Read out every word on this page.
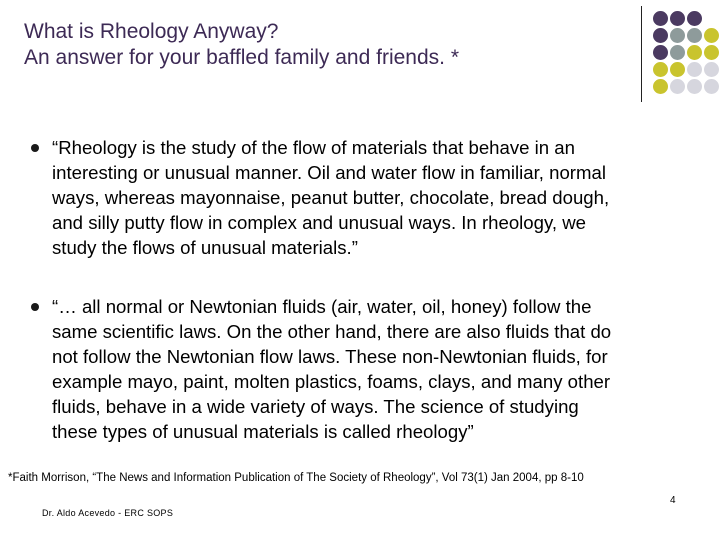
What is Rheology Anyway?
An answer for your baffled family and friends. *
“Rheology is the study of the flow of materials that behave in an
interesting or unusual manner. Oil and water flow in familiar, normal
ways, whereas mayonnaise, peanut butter, chocolate, bread dough,
and silly putty flow in complex and unusual ways. In rheology, we
study the flows of unusual materials.”
“… all normal or Newtonian fluids (air, water, oil, honey) follow the
same scientific laws. On the other hand, there are also fluids that do
not follow the Newtonian flow laws. These non-Newtonian fluids, for
example mayo, paint, molten plastics, foams, clays, and many other
fluids, behave in a wide variety of ways. The science of studying
these types of unusual materials is called rheology”
*Faith Morrison, “The News and Information Publication of The Society of Rheology”, Vol 73(1) Jan 2004, pp 8-10
4
Dr. Aldo Acevedo - ERC SOPS
